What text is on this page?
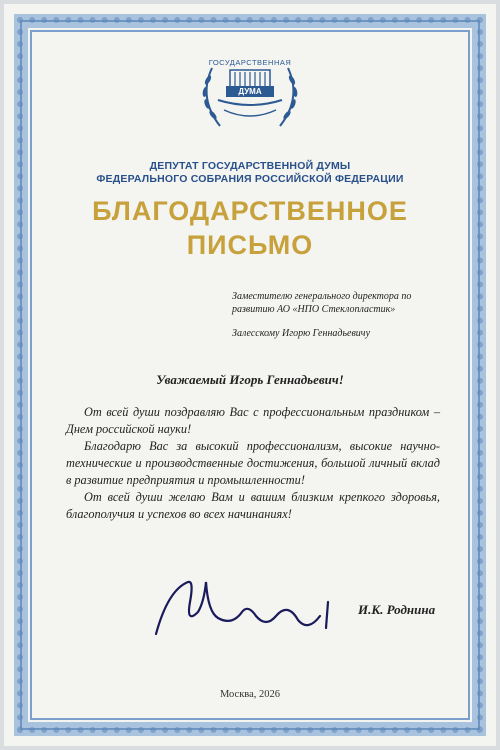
ГОСУДАРСТВЕННАЯ
ДУМА
ДЕПУТАТ ГОСУДАРСТВЕННОЙ ДУМЫ
ФЕДЕРАЛЬНОГО СОБРАНИЯ РОССИЙСКОЙ ФЕДЕРАЦИИ
БЛАГОДАРСТВЕННОЕ
ПИСЬМО
Заместителю генерального директора по
развитию АО «НПО Стеклопластик»
Залесскому Игорю Геннадьевичу
Уважаемый Игорь Геннадьевич!

От всей души поздравляю Вас с профессиональным праздником – Днем российской науки!

Благодарю Вас за высокий профессионализм, высокие научно-технические и производственные достижения, большой личный вклад в развитие предприятия и промышленности!

От всей души желаю Вам и вашим близким крепкого здоровья, благополучия и успехов во всех начинаниях!

И.К. Роднина
Москва, 2026
